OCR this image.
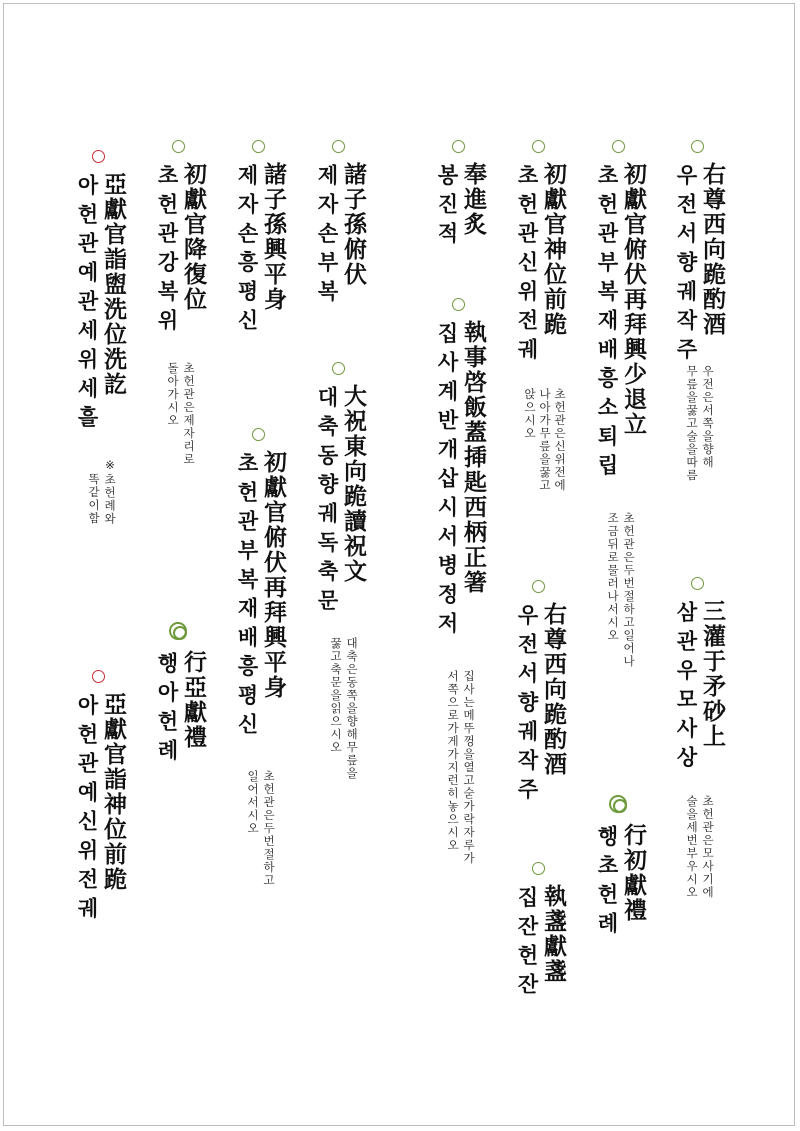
右尊西向跪酌酒
우전서향궤작주
우전은서쪽을향해
무릎을꿇고술을따름
三灌于矛砂上
삼관우모사상
초헌관은모사기에
술을세번부우시오
初獻官俯伏再拜興少退立
초헌관부복재배흥소퇴립
초헌관은두번절하고일어나
조금뒤로물러나서시오
行初獻禮
행초헌례
初獻官神位前跪
초헌관신위전궤
초헌관은신위전에
나아가무릎을꿇고
앉으시오
右尊西向跪酌酒
우전서향궤작주
執盞獻盞
집잔헌잔
奉進炙
봉진적
執事啓飯蓋揷匙西柄正箸
집사계반개삽시서병정저
집사는메뚜껑을열고숟가락자루가
서쪽으로가게가지런히놓으시오
諸子孫俯伏
제자손부복
大祝東向跪讀祝文
대축동향궤독축문
대축은동쪽을향해무릎을
꿇고축문을읽으시오
諸子孫興平身
제자손흥평신
初獻官俯伏再拜興平身
초헌관부복재배흥평신
초헌관은두번절하고
일어서시오
初獻官降復位
초헌관강복위
초헌관은제자리로
돌아가시오
行亞獻禮
행아헌례
亞獻官詣盥洗位洗訖
아헌관예관세위세흘
※초헌례와
똑같이함
亞獻官詣神位前跪
아헌관예신위전궤
